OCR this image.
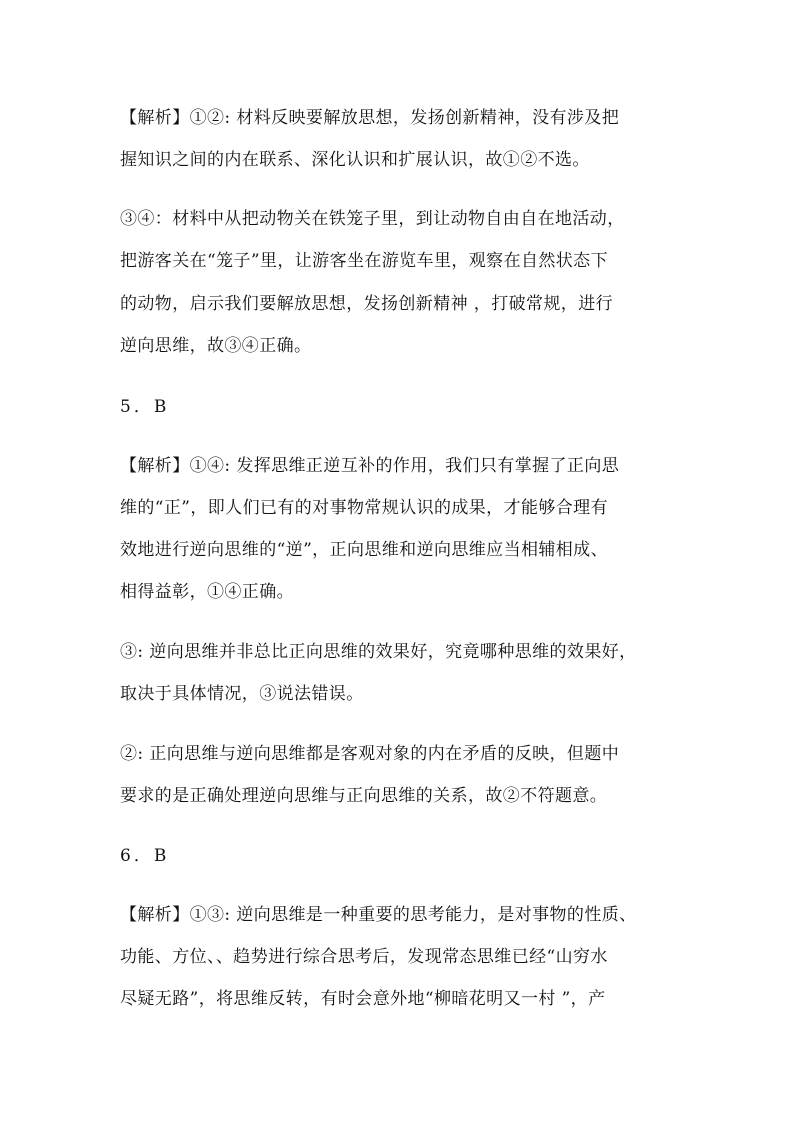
【解析】①②: 材料反映要解放思想，发扬创新精神，没有涉及把
握知识之间的内在联系、深化认识和扩展认识，故①②不选。
③④：材料中从把动物关在铁笼子里，到让动物自由自在地活动，
把游客关在“笼子”里，让游客坐在游览车里，观察在自然状态下
的动物，启示我们要解放思想，发扬创新精神 ，打破常规，进行
逆向思维，故③④正确。
5．B
【解析】①④: 发挥思维正逆互补的作用，我们只有掌握了正向思
维的“正”，即人们已有的对事物常规认识的成果，才能够合理有
效地进行逆向思维的“逆”，正向思维和逆向思维应当相辅相成、
相得益彰，①④正确。
③: 逆向思维并非总比正向思维的效果好，究竟哪种思维的效果好，
取决于具体情况，③说法错误。
②: 正向思维与逆向思维都是客观对象的内在矛盾的反映，但题中
要求的是正确处理逆向思维与正向思维的关系，故②不符题意。
6．B
【解析】①③: 逆向思维是一种重要的思考能力，是对事物的性质、
功能、方位、、趋势进行综合思考后，发现常态思维已经“山穷水
尽疑无路”，将思维反转，有时会意外地“柳暗花明又一村 ”，产
